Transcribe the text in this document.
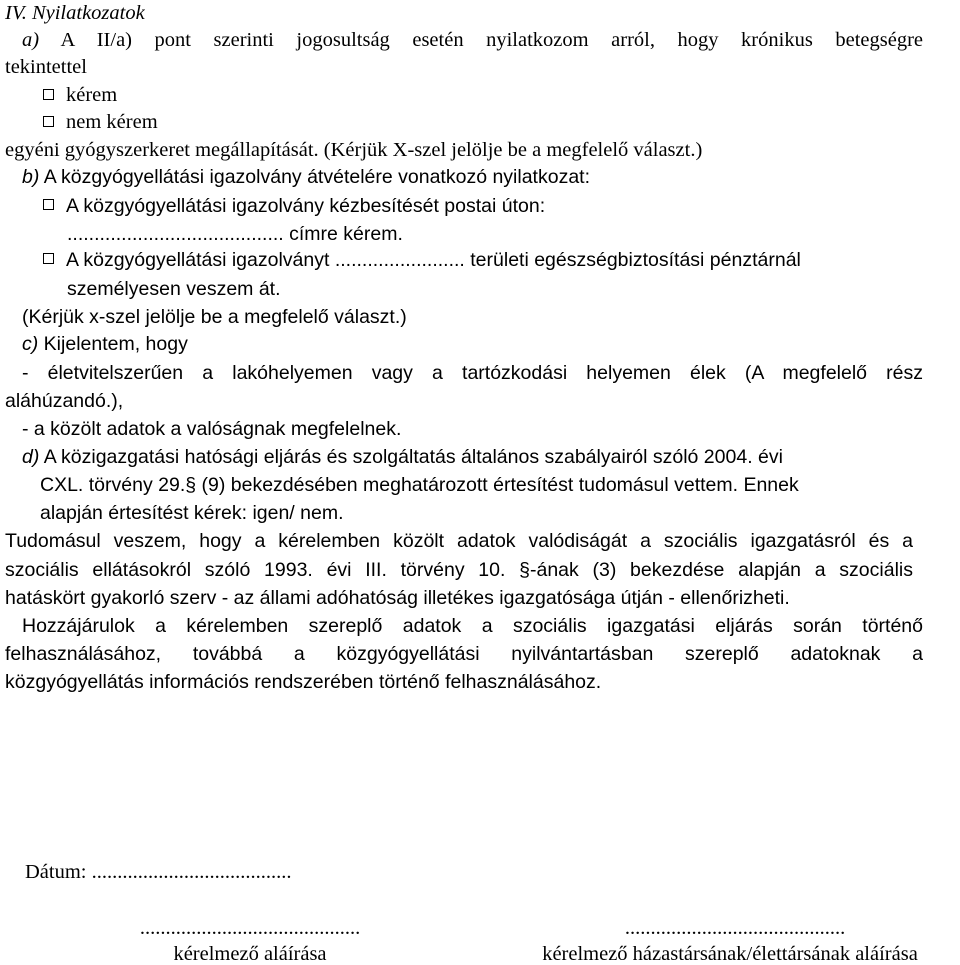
IV. Nyilatkozatok
a) A II/a) pont szerinti jogosultság esetén nyilatkozom arról, hogy krónikus betegségre
tekintettel
kérem
nem kérem
egyéni gyógyszerkeret megállapítását. (Kérjük X-szel jelölje be a megfelelő választ.)
b) A közgyógyellátási igazolvány átvételére vonatkozó nyilatkozat:
A közgyógyellátási igazolvány kézbesítését postai úton:
........................................ címre kérem.
A közgyógyellátási igazolványt ........................ területi egészségbiztosítási pénztárnál
személyesen veszem át.
(Kérjük x-szel jelölje be a megfelelő választ.)
c) Kijelentem, hogy
- életvitelszerűen a lakóhelyemen vagy a tartózkodási helyemen élek (A megfelelő rész
aláhúzandó.),
- a közölt adatok a valóságnak megfelelnek.
d) A közigazgatási hatósági eljárás és szolgáltatás általános szabályairól szóló 2004. évi
CXL. törvény 29.§ (9) bekezdésében meghatározott értesítést tudomásul vettem. Ennek
alapján értesítést kérek: igen/ nem.
Tudomásul veszem, hogy a kérelemben közölt adatok valódiságát a szociális igazgatásról és a
szociális ellátásokról szóló 1993. évi III. törvény 10. §-ának (3) bekezdése alapján a szociális
hatáskört gyakorló szerv - az állami adóhatóság illetékes igazgatósága útján - ellenőrizheti.
Hozzájárulok a kérelemben szereplő adatok a szociális igazgatási eljárás során történő
felhasználásához, továbbá a közgyógyellátási nyilvántartásban szereplő adatoknak a
közgyógyellátás információs rendszerében történő felhasználásához.
Dátum: .......................................
...........................................
kérelmező aláírása
...........................................
kérelmező házastársának/élettársának aláírása
